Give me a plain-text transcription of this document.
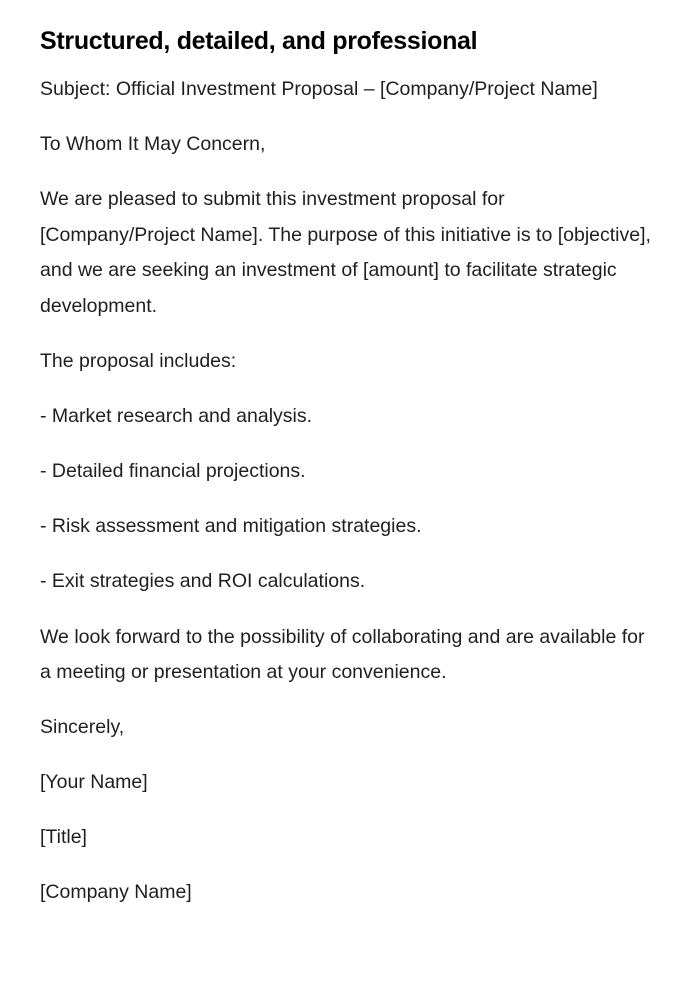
Structured, detailed, and professional

Subject: Official Investment Proposal – [Company/Project Name]

To Whom It May Concern,

We are pleased to submit this investment proposal for [Company/Project Name]. The purpose of this initiative is to [objective], and we are seeking an investment of [amount] to facilitate strategic development.

The proposal includes:

- Market research and analysis.

- Detailed financial projections.

- Risk assessment and mitigation strategies.

- Exit strategies and ROI calculations.

We look forward to the possibility of collaborating and are available for a meeting or presentation at your convenience.

Sincerely,

[Your Name]

[Title]

[Company Name]
